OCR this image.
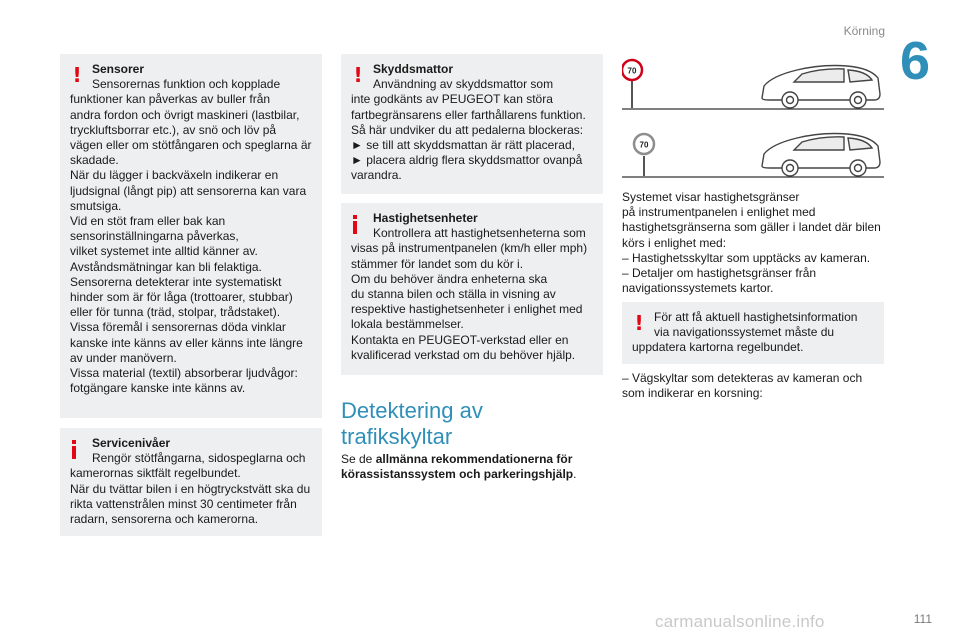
Körning 6
111
carmanualsonline.info
! Sensorer

Sensorernas funktion och kopplade

funktioner kan påverkas av buller från

andra fordon och övrigt maskineri (lastbilar,

tryckluftsborrar etc.), av snö och löv på

vägen eller om stötfångaren och speglarna är

skadade.

När du lägger i backväxeln indikerar en

ljudsignal (långt pip) att sensorerna kan vara

smutsiga.

Vid en stöt fram eller bak kan

sensorinställningarna påverkas,

vilket systemet inte alltid känner av.

Avståndsmätningar kan bli felaktiga.

Sensorerna detekterar inte systematiskt

hinder som är för låga (trottoarer, stubbar)

eller för tunna (träd, stolpar, trådstaket).

Vissa föremål i sensorernas döda vinklar

kanske inte känns av eller känns inte längre

av under manövern.

Vissa material (textil) absorberar ljudvågor:

fotgängare kanske inte känns av.

Servicenivåer

Rengör stötfångarna, sidospeglarna och

kamerornas siktfält regelbundet.

När du tvättar bilen i en högtryckstvätt ska du

rikta vattenstrålen minst 30 centimeter från

radarn, sensorerna och kamerorna.

! Skyddsmattor

Användning av skyddsmattor som

inte godkänts av PEUGEOT kan störa

fartbegränsarens eller farthållarens funktion.

Så här undviker du att pedalerna blockeras:

► se till att skyddsmattan är rätt placerad,

► placera aldrig flera skyddsmattor ovanpå

varandra.

Hastighetsenheter

Kontrollera att hastighetsenheterna som

visas på instrumentpanelen (km/h eller mph)

stämmer för landet som du kör i.

Om du behöver ändra enheterna ska

du stanna bilen och ställa in visning av

respektive hastighetsenheter i enlighet med

lokala bestämmelser.

Kontakta en PEUGEOT-verkstad eller en

kvalificerad verkstad om du behöver hjälp.

Detektering av
trafikskyltar
Se de allmänna rekommendationerna för körassistanssystem och parkeringshjälp.
70
70

Systemet visar hastighetsgränser

på instrumentpanelen i enlighet med

hastighetsgränserna som gäller i landet där bilen

körs i enlighet med:

– Hastighetsskyltar som upptäcks av kameran.

– Detaljer om hastighetsgränser från

navigationssystemets kartor.

! För att få aktuell hastighetsinformation

via navigationssystemet måste du

uppdatera kartorna regelbundet.

– Vägskyltar som detekteras av kameran och

som indikerar en korsning:
